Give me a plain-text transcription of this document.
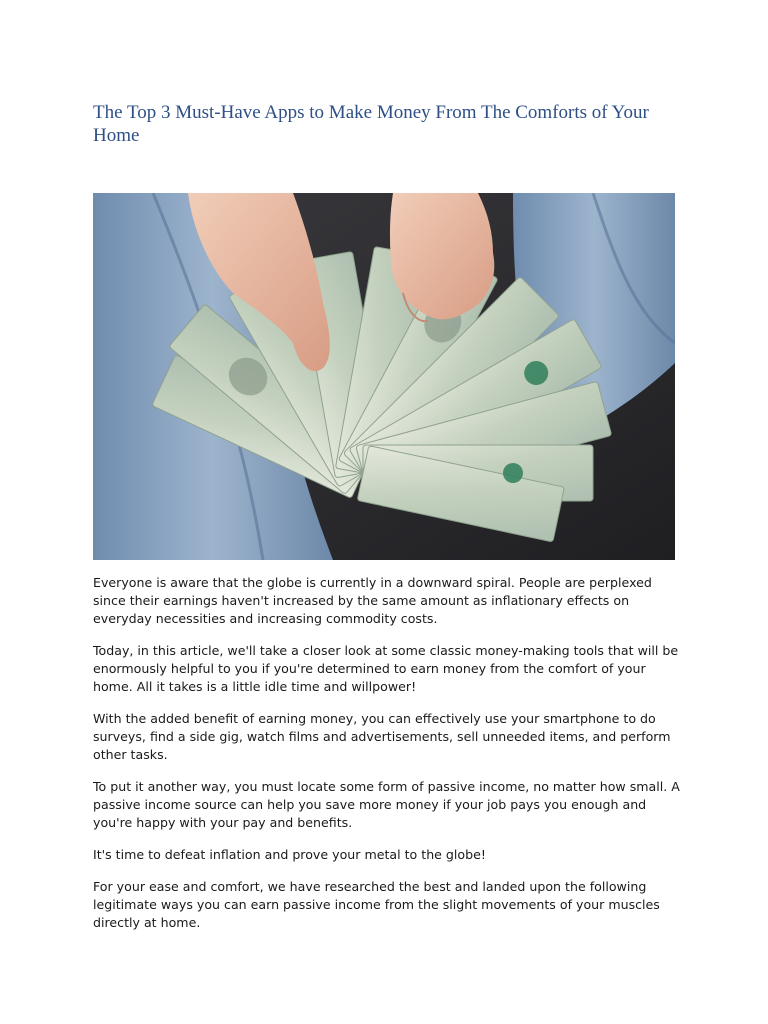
The Top 3 Must-Have Apps to Make Money From The Comforts of Your Home

Everyone is aware that the globe is currently in a downward spiral. People are perplexed since their earnings haven't increased by the same amount as inflationary effects on everyday necessities and increasing commodity costs.

Today, in this article, we'll take a closer look at some classic money-making tools that will be enormously helpful to you if you're determined to earn money from the comfort of your home. All it takes is a little idle time and willpower!

With the added benefit of earning money, you can effectively use your smartphone to do surveys, find a side gig, watch films and advertisements, sell unneeded items, and perform other tasks.

To put it another way, you must locate some form of passive income, no matter how small. A passive income source can help you save more money if your job pays you enough and you're happy with your pay and benefits.

It's time to defeat inflation and prove your metal to the globe!

For your ease and comfort, we have researched the best and landed upon the following legitimate ways you can earn passive income from the slight movements of your muscles directly at home.
